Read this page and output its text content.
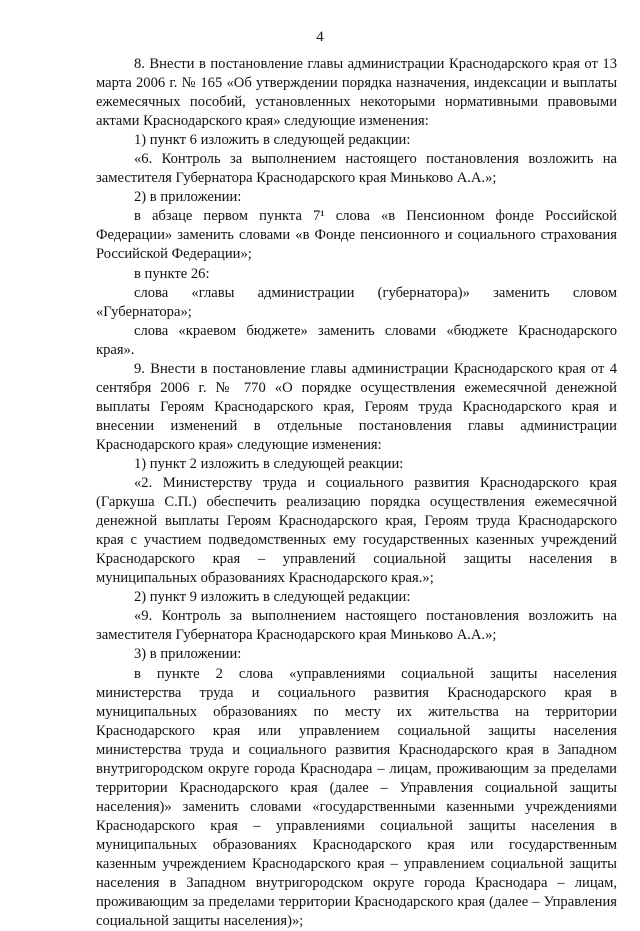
4

8. Внести в постановление главы администрации Краснодарского края от 13 марта 2006 г. № 165 «Об утверждении порядка назначения, индексации и выплаты ежемесячных пособий, установленных некоторыми нормативными правовыми актами Краснодарского края» следующие изменения:

1) пункт 6 изложить в следующей редакции:

«6. Контроль за выполнением настоящего постановления возложить на заместителя Губернатора Краснодарского края Миньково А.А.»;

2) в приложении:

в абзаце первом пункта 7¹ слова «в Пенсионном фонде Российской Федерации» заменить словами «в Фонде пенсионного и социального страхования Российской Федерации»;

в пункте 26:

слова «главы администрации (губернатора)» заменить словом «Губернатора»;

слова «краевом бюджете» заменить словами «бюджете Краснодарского края».

9. Внести в постановление главы администрации Краснодарского края от 4 сентября 2006 г. № 770 «О порядке осуществления ежемесячной денежной выплаты Героям Краснодарского края, Героям труда Краснодарского края и внесении изменений в отдельные постановления главы администрации Краснодарского края» следующие изменения:

1) пункт 2 изложить в следующей реакции:

«2. Министерству труда и социального развития Краснодарского края (Гаркуша С.П.) обеспечить реализацию порядка осуществления ежемесячной денежной выплаты Героям Краснодарского края, Героям труда Краснодарского края с участием подведомственных ему государственных казенных учреждений Краснодарского края – управлений социальной защиты населения в муниципальных образованиях Краснодарского края.»;

2) пункт 9 изложить в следующей редакции:

«9. Контроль за выполнением настоящего постановления возложить на заместителя Губернатора Краснодарского края Миньково А.А.»;

3) в приложении:

в пункте 2 слова «управлениями социальной защиты населения министерства труда и социального развития Краснодарского края в муниципальных образованиях по месту их жительства на территории Краснодарского края или управлением социальной защиты населения министерства труда и социального развития Краснодарского края в Западном внутригородском округе города Краснодара – лицам, проживающим за пределами территории Краснодарского края (далее – Управления социальной защиты населения)» заменить словами «государственными казенными учреждениями Краснодарского края – управлениями социальной защиты населения в муниципальных образованиях Краснодарского края или государственным казенным учреждением Краснодарского края – управлением социальной защиты населения в Западном внутригородском округе города Краснодара – лицам, проживающим за пределами территории Краснодарского края (далее – Управления социальной защиты населения)»;
